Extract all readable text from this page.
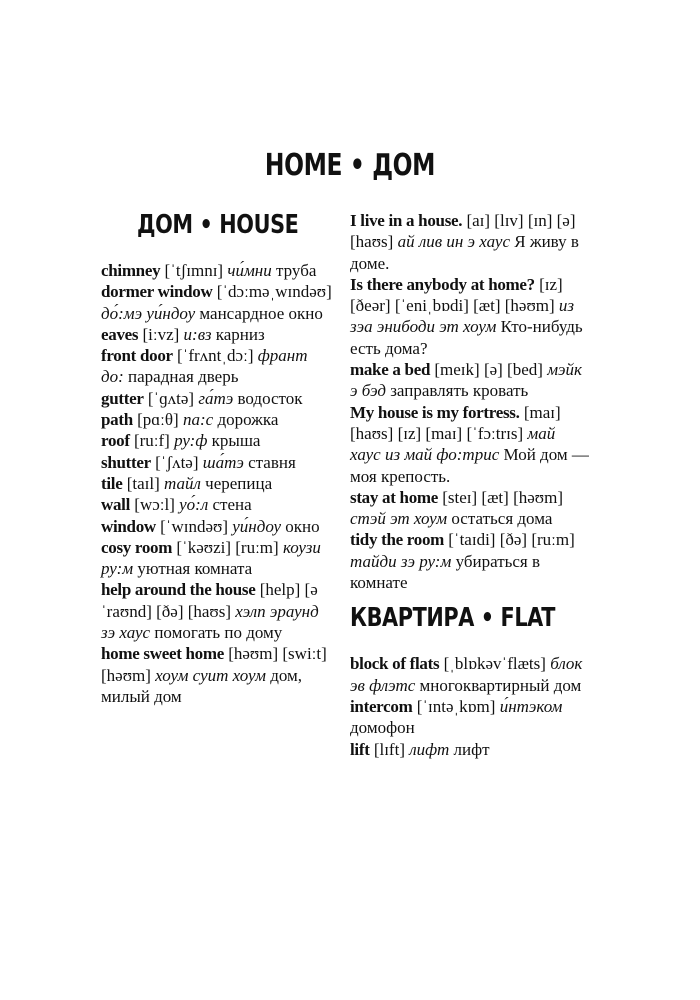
HOME • ДОМ
ДОМ • HOUSE

chimney [ˈtʃɪmnɪ] чи́мни труба

dormer window [ˈdɔːməˌwɪndəʊ] до́:мэ уи́ндоу мансардное окно

eaves [iːvz] и:вз карниз

front door [ˈfrʌntˌdɔː] франт до: парадная дверь

gutter [ˈɡʌtə] га́тэ водосток

path [pɑːθ] па:с дорожка

roof [ruːf] ру:ф крыша

shutter [ˈʃʌtə] ша́тэ ставня

tile [taɪl] тайл черепица

wall [wɔːl] уо́:л стена

window [ˈwɪndəʊ] уи́ндоу окно

cosy room [ˈkəʊzi] [ruːm] коузи ру:м уютная комната

help around the house [help] [əˈraʊnd] [ðə] [haʊs] хэлп эраунд зэ хаус помогать по дому

home sweet home [həʊm] [swiːt] [həʊm] хоум суит хоум дом, милый дом

I live in a house. [aɪ] [lɪv] [ɪn] [ə] [haʊs] ай лив ин э хаус Я живу в доме.

Is there anybody at home? [ɪz] [ðeər] [ˈeniˌbɒdi] [æt] [həʊm] из зэа энибоди эт хоум Кто-нибудь есть дома?

make a bed [meɪk] [ə] [bed] мэйк э бэд заправлять кровать

My house is my fortress. [maɪ] [haʊs] [ɪz] [maɪ] [ˈfɔːtrɪs] май хаус из май фо:трис Мой дом — моя крепость.

stay at home [steɪ] [æt] [həʊm] стэй эт хоум остаться дома

tidy the room [ˈtaɪdi] [ðə] [ruːm] тайди зэ ру:м убираться в комнате

КВАРТИРА • FLAT

block of flats [ˌblɒkəvˈflæts] блок эв флэтс многоквартирный дом

intercom [ˈɪntəˌkɒm] и́нтэком домофон

lift [lɪft] лифт лифт
